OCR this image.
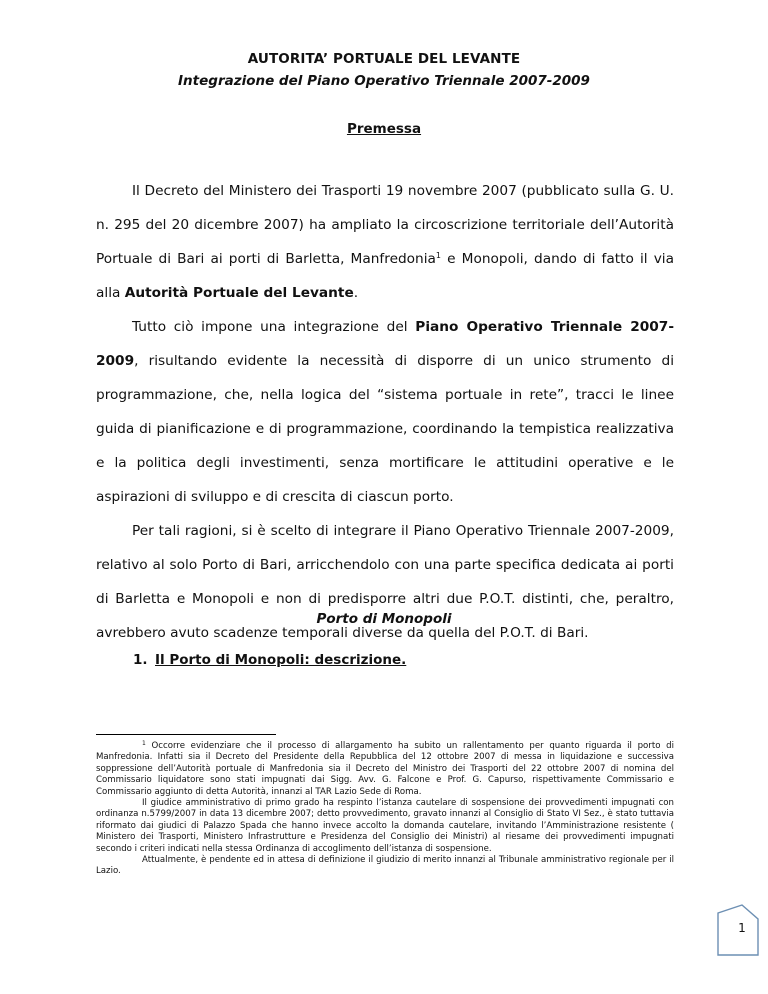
AUTORITA’ PORTUALE DEL LEVANTE
Integrazione del Piano Operativo Triennale 2007-2009
Premessa

Il Decreto del Ministero dei Trasporti 19 novembre 2007 (pubblicato sulla G. U. n. 295 del 20 dicembre 2007) ha ampliato la circoscrizione territoriale dell’Autorità Portuale di Bari ai porti di Barletta, Manfredonia$^1$ e Monopoli, dando di fatto il via alla Autorità Portuale del Levante.

Tutto ciò impone una integrazione del Piano Operativo Triennale 2007-2009, risultando evidente la necessità di disporre di un unico strumento di programmazione, che, nella logica del “sistema portuale in rete”, tracci le linee guida di pianificazione e di programmazione, coordinando la tempistica realizzativa e la politica degli investimenti, senza mortificare le attitudini operative e le aspirazioni di sviluppo e di crescita di ciascun porto.

Per tali ragioni, si è scelto di integrare il Piano Operativo Triennale 2007-2009, relativo al solo Porto di Bari, arricchendolo con una parte specifica dedicata ai porti di Barletta e Monopoli e non di predisporre altri due P.O.T. distinti, che, peraltro, avrebbero avuto scadenze temporali diverse da quella del P.O.T. di Bari.

Porto di Monopoli
1. Il Porto di Monopoli: descrizione.

$^1$ Occorre evidenziare che il processo di allargamento ha subito un rallentamento per quanto riguarda il porto di Manfredonia. Infatti sia il Decreto del Presidente della Repubblica del 12 ottobre 2007 di messa in liquidazione e successiva soppressione dell’Autorità portuale di Manfredonia sia il Decreto del Ministro dei Trasporti del 22 ottobre 2007 di nomina del Commissario liquidatore sono stati impugnati dai Sigg. Avv. G. Falcone e Prof. G. Capurso, rispettivamente Commissario e Commissario aggiunto di detta Autorità, innanzi al TAR Lazio Sede di Roma.

Il giudice amministrativo di primo grado ha respinto l’istanza cautelare di sospensione dei provvedimenti impugnati con ordinanza n.5799/2007 in data 13 dicembre 2007; detto provvedimento, gravato innanzi al Consiglio di Stato VI Sez., è stato tuttavia riformato dai giudici di Palazzo Spada che hanno invece accolto la domanda cautelare, invitando l’Amministrazione resistente ( Ministero dei Trasporti, Ministero Infrastrutture e Presidenza del Consiglio dei Ministri) al riesame dei provvedimenti impugnati secondo i criteri indicati nella stessa Ordinanza di accoglimento dell’istanza di sospensione.

Attualmente, è pendente ed in attesa di definizione il giudizio di merito innanzi al Tribunale amministrativo regionale per il Lazio.

1
